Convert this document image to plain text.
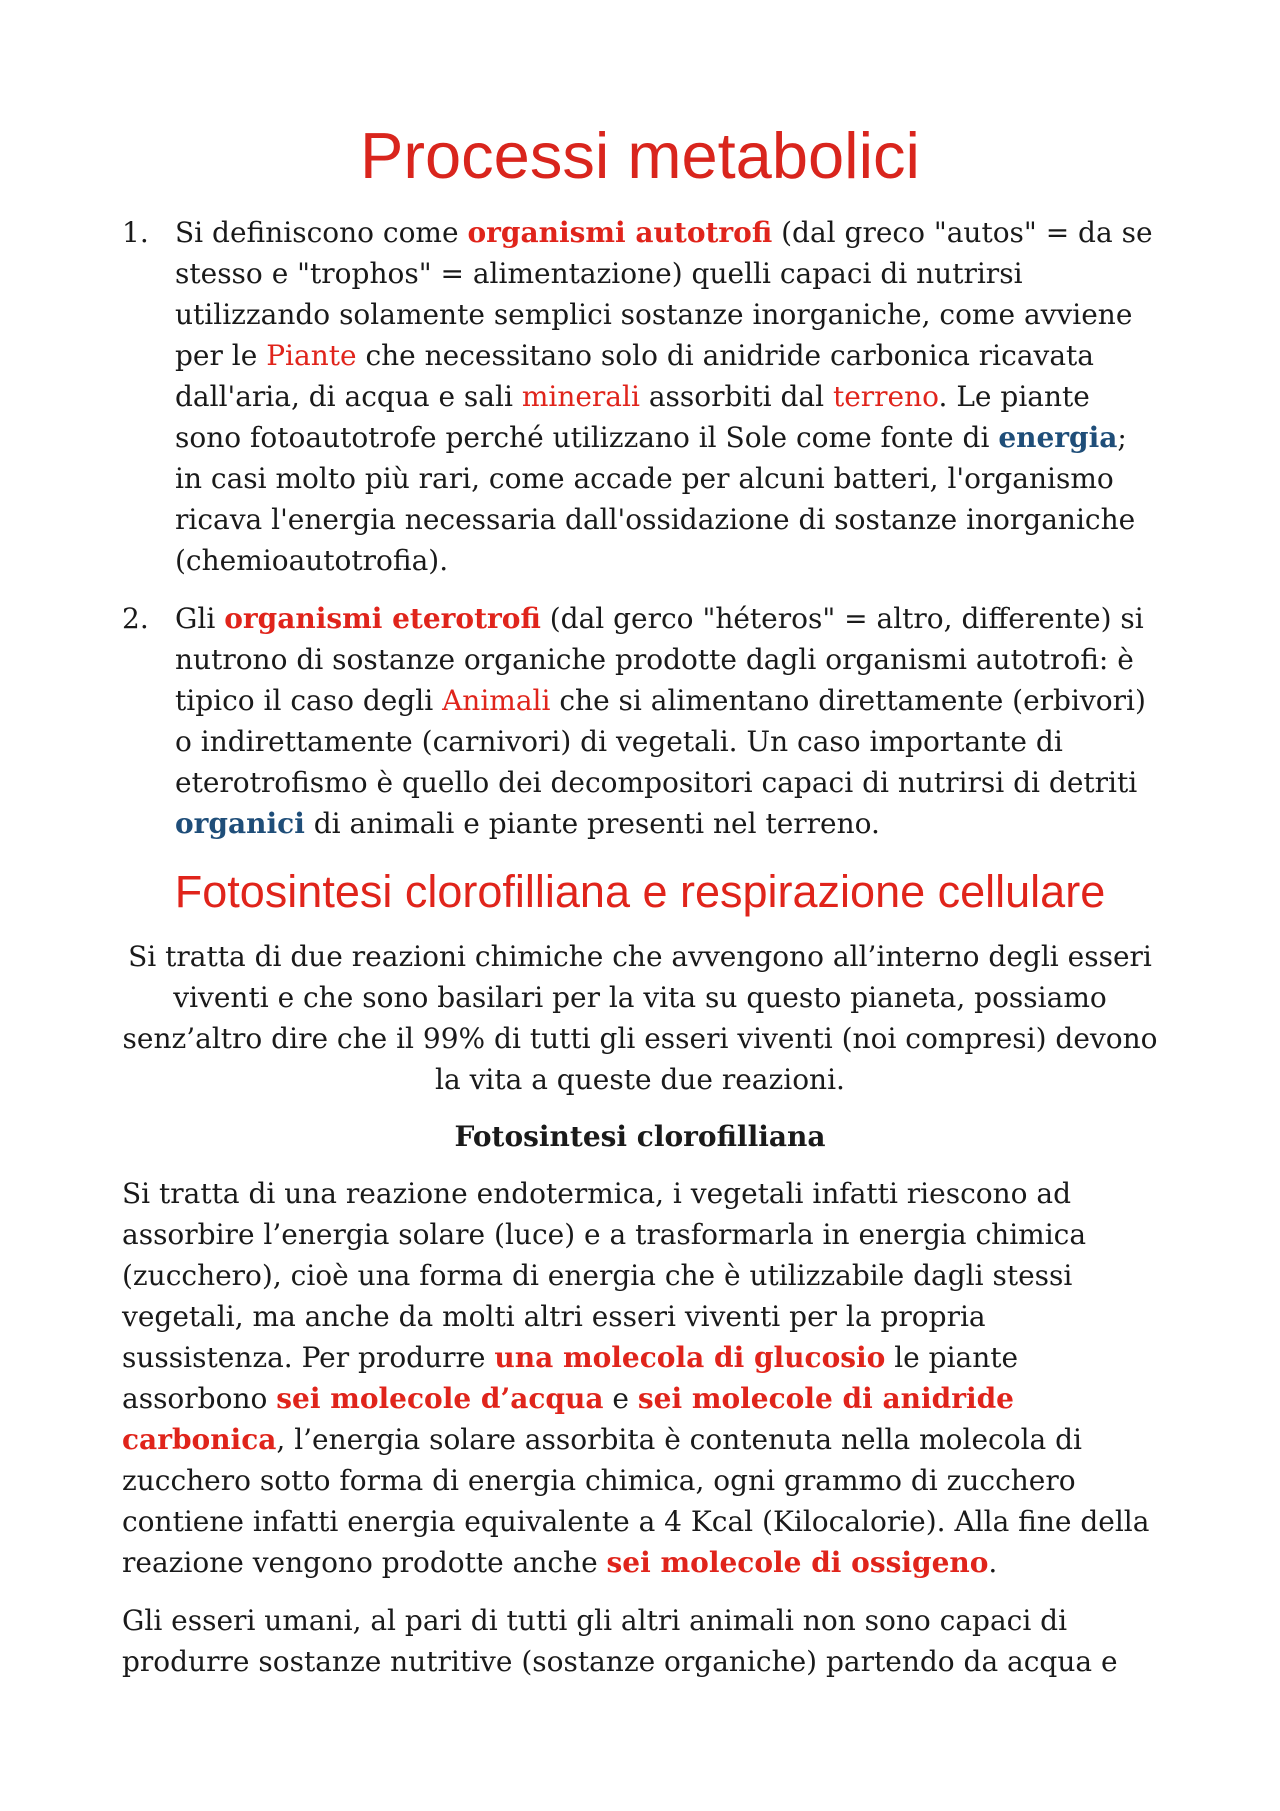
Processi metabolici
1. Si definiscono come organismi autotrofi (dal greco "autos" = da se stesso e "trophos" = alimentazione) quelli capaci di nutrirsi utilizzando solamente semplici sostanze inorganiche, come avviene per le Piante che necessitano solo di anidride carbonica ricavata dall'aria, di acqua e sali minerali assorbiti dal terreno. Le piante sono fotoautotrofe perché utilizzano il Sole come fonte di energia; in casi molto più rari, come accade per alcuni batteri, l'organismo ricava l'energia necessaria dall'ossidazione di sostanze inorganiche (chemioautotrofia).
2. Gli organismi eterotrofi (dal gerco "héteros" = altro, differente) si nutrono di sostanze organiche prodotte dagli organismi autotrofi: è tipico il caso degli Animali che si alimentano direttamente (erbivori) o indirettamente (carnivori) di vegetali. Un caso importante di eterotrofismo è quello dei decompositori capaci di nutrirsi di detriti organici di animali e piante presenti nel terreno.
Fotosintesi clorofilliana e respirazione cellulare

Si tratta di due reazioni chimiche che avvengono all’interno degli esseri
viventi e che sono basilari per la vita su questo pianeta, possiamo
senz’altro dire che il 99% di tutti gli esseri viventi (noi compresi) devono
la vita a queste due reazioni.

Fotosintesi clorofilliana

Si tratta di una reazione endotermica, i vegetali infatti riescono ad assorbire l’energia solare (luce) e a trasformarla in energia chimica (zucchero), cioè una forma di energia che è utilizzabile dagli stessi vegetali, ma anche da molti altri esseri viventi per la propria sussistenza. Per produrre una molecola di glucosio le piante assorbono sei molecole d’acqua e sei molecole di anidride carbonica, l’energia solare assorbita è contenuta nella molecola di zucchero sotto forma di energia chimica, ogni grammo di zucchero contiene infatti energia equivalente a 4 Kcal (Kilocalorie). Alla fine della reazione vengono prodotte anche sei molecole di ossigeno.

Gli esseri umani, al pari di tutti gli altri animali non sono capaci di produrre sostanze nutritive (sostanze organiche) partendo da acqua e
